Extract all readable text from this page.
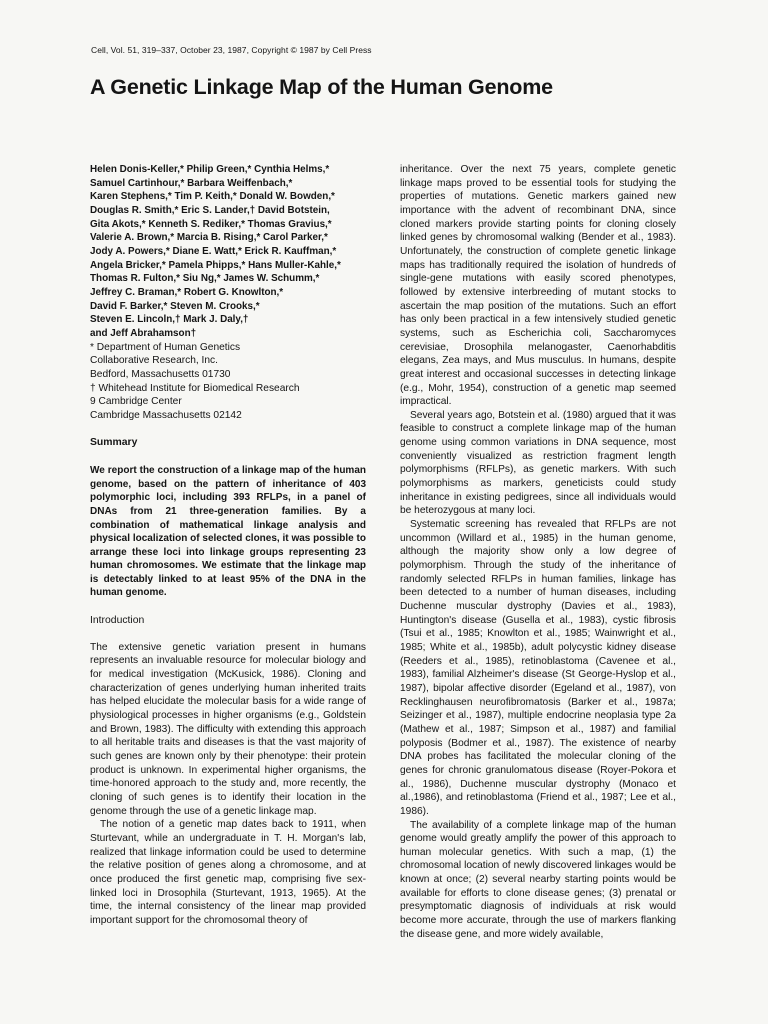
Cell, Vol. 51, 319–337, October 23, 1987, Copyright © 1987 by Cell Press
A Genetic Linkage Map of the Human Genome
Helen Donis-Keller,* Philip Green,* Cynthia Helms,*
Samuel Cartinhour,* Barbara Weiffenbach,*
Karen Stephens,* Tim P. Keith,* Donald W. Bowden,*
Douglas R. Smith,* Eric S. Lander,† David Botstein,
Gita Akots,* Kenneth S. Rediker,* Thomas Gravius,*
Valerie A. Brown,* Marcia B. Rising,* Carol Parker,*
Jody A. Powers,* Diane E. Watt,* Erick R. Kauffman,*
Angela Bricker,* Pamela Phipps,* Hans Muller-Kahle,*
Thomas R. Fulton,* Siu Ng,* James W. Schumm,*
Jeffrey C. Braman,* Robert G. Knowlton,*
David F. Barker,* Steven M. Crooks,*
Steven E. Lincoln,† Mark J. Daly,†
and Jeff Abrahamson†
* Department of Human Genetics
Collaborative Research, Inc.
Bedford, Massachusetts 01730
† Whitehead Institute for Biomedical Research
9 Cambridge Center
Cambridge Massachusetts 02142
Summary

We report the construction of a linkage map of the human genome, based on the pattern of inheritance of 403 polymorphic loci, including 393 RFLPs, in a panel of DNAs from 21 three-generation families. By a combination of mathematical linkage analysis and physical localization of selected clones, it was possible to arrange these loci into linkage groups representing 23 human chromosomes. We estimate that the linkage map is detectably linked to at least 95% of the DNA in the human genome.

Introduction

The extensive genetic variation present in humans represents an invaluable resource for molecular biology and for medical investigation (McKusick, 1986). Cloning and characterization of genes underlying human inherited traits has helped elucidate the molecular basis for a wide range of physiological processes in higher organisms (e.g., Goldstein and Brown, 1983). The difficulty with extending this approach to all heritable traits and diseases is that the vast majority of such genes are known only by their phenotype: their protein product is unknown. In experimental higher organisms, the time-honored approach to the study and, more recently, the cloning of such genes is to identify their location in the genome through the use of a genetic linkage map.

The notion of a genetic map dates back to 1911, when Sturtevant, while an undergraduate in T. H. Morgan's lab, realized that linkage information could be used to determine the relative position of genes along a chromosome, and at once produced the first genetic map, comprising five sex-linked loci in Drosophila (Sturtevant, 1913, 1965). At the time, the internal consistency of the linear map provided important support for the chromosomal theory of

inheritance. Over the next 75 years, complete genetic linkage maps proved to be essential tools for studying the properties of mutations. Genetic markers gained new importance with the advent of recombinant DNA, since cloned markers provide starting points for cloning closely linked genes by chromosomal walking (Bender et al., 1983). Unfortunately, the construction of complete genetic linkage maps has traditionally required the isolation of hundreds of single-gene mutations with easily scored phenotypes, followed by extensive interbreeding of mutant stocks to ascertain the map position of the mutations. Such an effort has only been practical in a few intensively studied genetic systems, such as Escherichia coli, Saccharomyces cerevisiae, Drosophila melanogaster, Caenorhabditis elegans, Zea mays, and Mus musculus. In humans, despite great interest and occasional successes in detecting linkage (e.g., Mohr, 1954), construction of a genetic map seemed impractical.

Several years ago, Botstein et al. (1980) argued that it was feasible to construct a complete linkage map of the human genome using common variations in DNA sequence, most conveniently visualized as restriction fragment length polymorphisms (RFLPs), as genetic markers. With such polymorphisms as markers, geneticists could study inheritance in existing pedigrees, since all individuals would be heterozygous at many loci.

Systematic screening has revealed that RFLPs are not uncommon (Willard et al., 1985) in the human genome, although the majority show only a low degree of polymorphism. Through the study of the inheritance of randomly selected RFLPs in human families, linkage has been detected to a number of human diseases, including Duchenne muscular dystrophy (Davies et al., 1983), Huntington's disease (Gusella et al., 1983), cystic fibrosis (Tsui et al., 1985; Knowlton et al., 1985; Wainwright et al., 1985; White et al., 1985b), adult polycystic kidney disease (Reeders et al., 1985), retinoblastoma (Cavenee et al., 1983), familial Alzheimer's disease (St George-Hyslop et al., 1987), bipolar affective disorder (Egeland et al., 1987), von Recklinghausen neurofibromatosis (Barker et al., 1987a; Seizinger et al., 1987), multiple endocrine neoplasia type 2a (Mathew et al., 1987; Simpson et al., 1987) and familial polyposis (Bodmer et al., 1987). The existence of nearby DNA probes has facilitated the molecular cloning of the genes for chronic granulomatous disease (Royer-Pokora et al., 1986), Duchenne muscular dystrophy (Monaco et al.,1986), and retinoblastoma (Friend et al., 1987; Lee et al., 1986).

The availability of a complete linkage map of the human genome would greatly amplify the power of this approach to human molecular genetics. With such a map, (1) the chromosomal location of newly discovered linkages would be known at once; (2) several nearby starting points would be available for efforts to clone disease genes; (3) prenatal or presymptomatic diagnosis of individuals at risk would become more accurate, through the use of markers flanking the disease gene, and more widely available,
